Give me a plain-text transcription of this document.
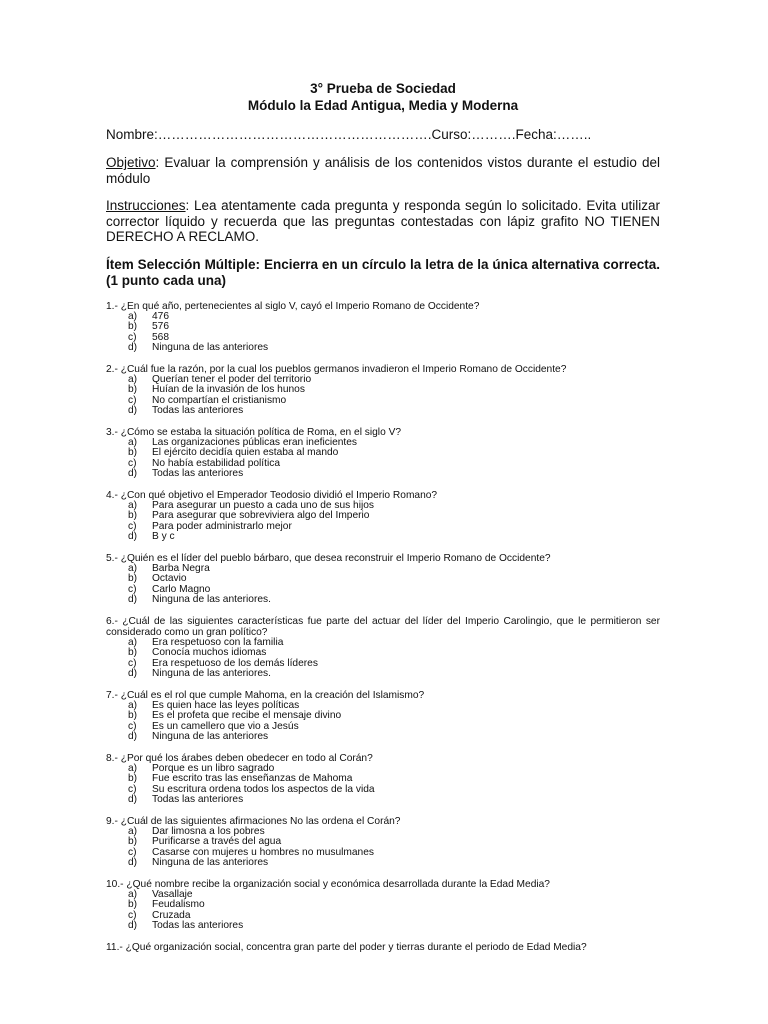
3° Prueba de Sociedad
Módulo la Edad Antigua, Media y Moderna
Nombre:…………………………………………………….Curso:……….Fecha:……..
Objetivo: Evaluar la comprensión y análisis de los contenidos vistos durante el estudio del módulo
Instrucciones: Lea atentamente cada pregunta y responda según lo solicitado. Evita utilizar corrector líquido y recuerda que las preguntas contestadas con lápiz grafito NO TIENEN DERECHO A RECLAMO.
Ítem Selección Múltiple: Encierra en un círculo la letra de la única alternativa correcta. (1 punto cada una)
1.- ¿En qué año, pertenecientes al siglo V, cayó el Imperio Romano de Occidente?
a)	476
b)	576
c)	568
d)	Ninguna de las anteriores
2.- ¿Cuál fue la razón, por la cual los pueblos germanos invadieron el Imperio Romano de Occidente?
a)	Querían tener el poder del territorio
b)	Huían de la invasión de los hunos
c)	No compartían el cristianismo
d)	Todas las anteriores
3.- ¿Cómo se estaba la situación política de Roma, en el siglo V?
a)	Las organizaciones públicas eran ineficientes
b)	El ejército decidía quien estaba al mando
c)	No había estabilidad política
d)	Todas las anteriores
4.- ¿Con qué objetivo el Emperador Teodosio dividió el Imperio Romano?
a)	Para asegurar un puesto a cada uno de sus hijos
b)	Para asegurar que sobreviviera algo del Imperio
c)	Para poder administrarlo mejor
d)	B y c
5.- ¿Quién es el líder del pueblo bárbaro, que desea reconstruir el Imperio Romano de Occidente?
a)	Barba Negra
b)	Octavio
c)	Carlo Magno
d)	Ninguna de las anteriores.
6.- ¿Cuál de las siguientes características fue parte del actuar del líder del Imperio Carolingio, que le permitieron ser considerado como un gran político?
a)	Era respetuoso con la familia
b)	Conocía muchos idiomas
c)	Era respetuoso de los demás líderes
d)	Ninguna de las anteriores.
7.- ¿Cuál es el rol que cumple Mahoma, en la creación del Islamismo?
a)	Es quien hace las leyes políticas
b)	Es el profeta que recibe el mensaje divino
c)	Es un camellero que vio a Jesús
d)	Ninguna de las anteriores
8.- ¿Por qué los árabes deben obedecer en todo al Corán?
a)	Porque es un libro sagrado
b)	Fue escrito tras las enseñanzas de Mahoma
c)	Su escritura ordena todos los aspectos de la vida
d)	Todas las anteriores
9.- ¿Cuál de las siguientes afirmaciones No las ordena el Corán?
a)	Dar limosna a los pobres
b)	Purificarse a través del agua
c)	Casarse con mujeres u hombres no musulmanes
d)	Ninguna de las anteriores
10.- ¿Qué nombre recibe la organización social y económica desarrollada durante la Edad Media?
a)	Vasallaje
b)	Feudalismo
c)	Cruzada
d)	Todas las anteriores
11.- ¿Qué organización social, concentra gran parte del poder y tierras durante el periodo de Edad Media?
